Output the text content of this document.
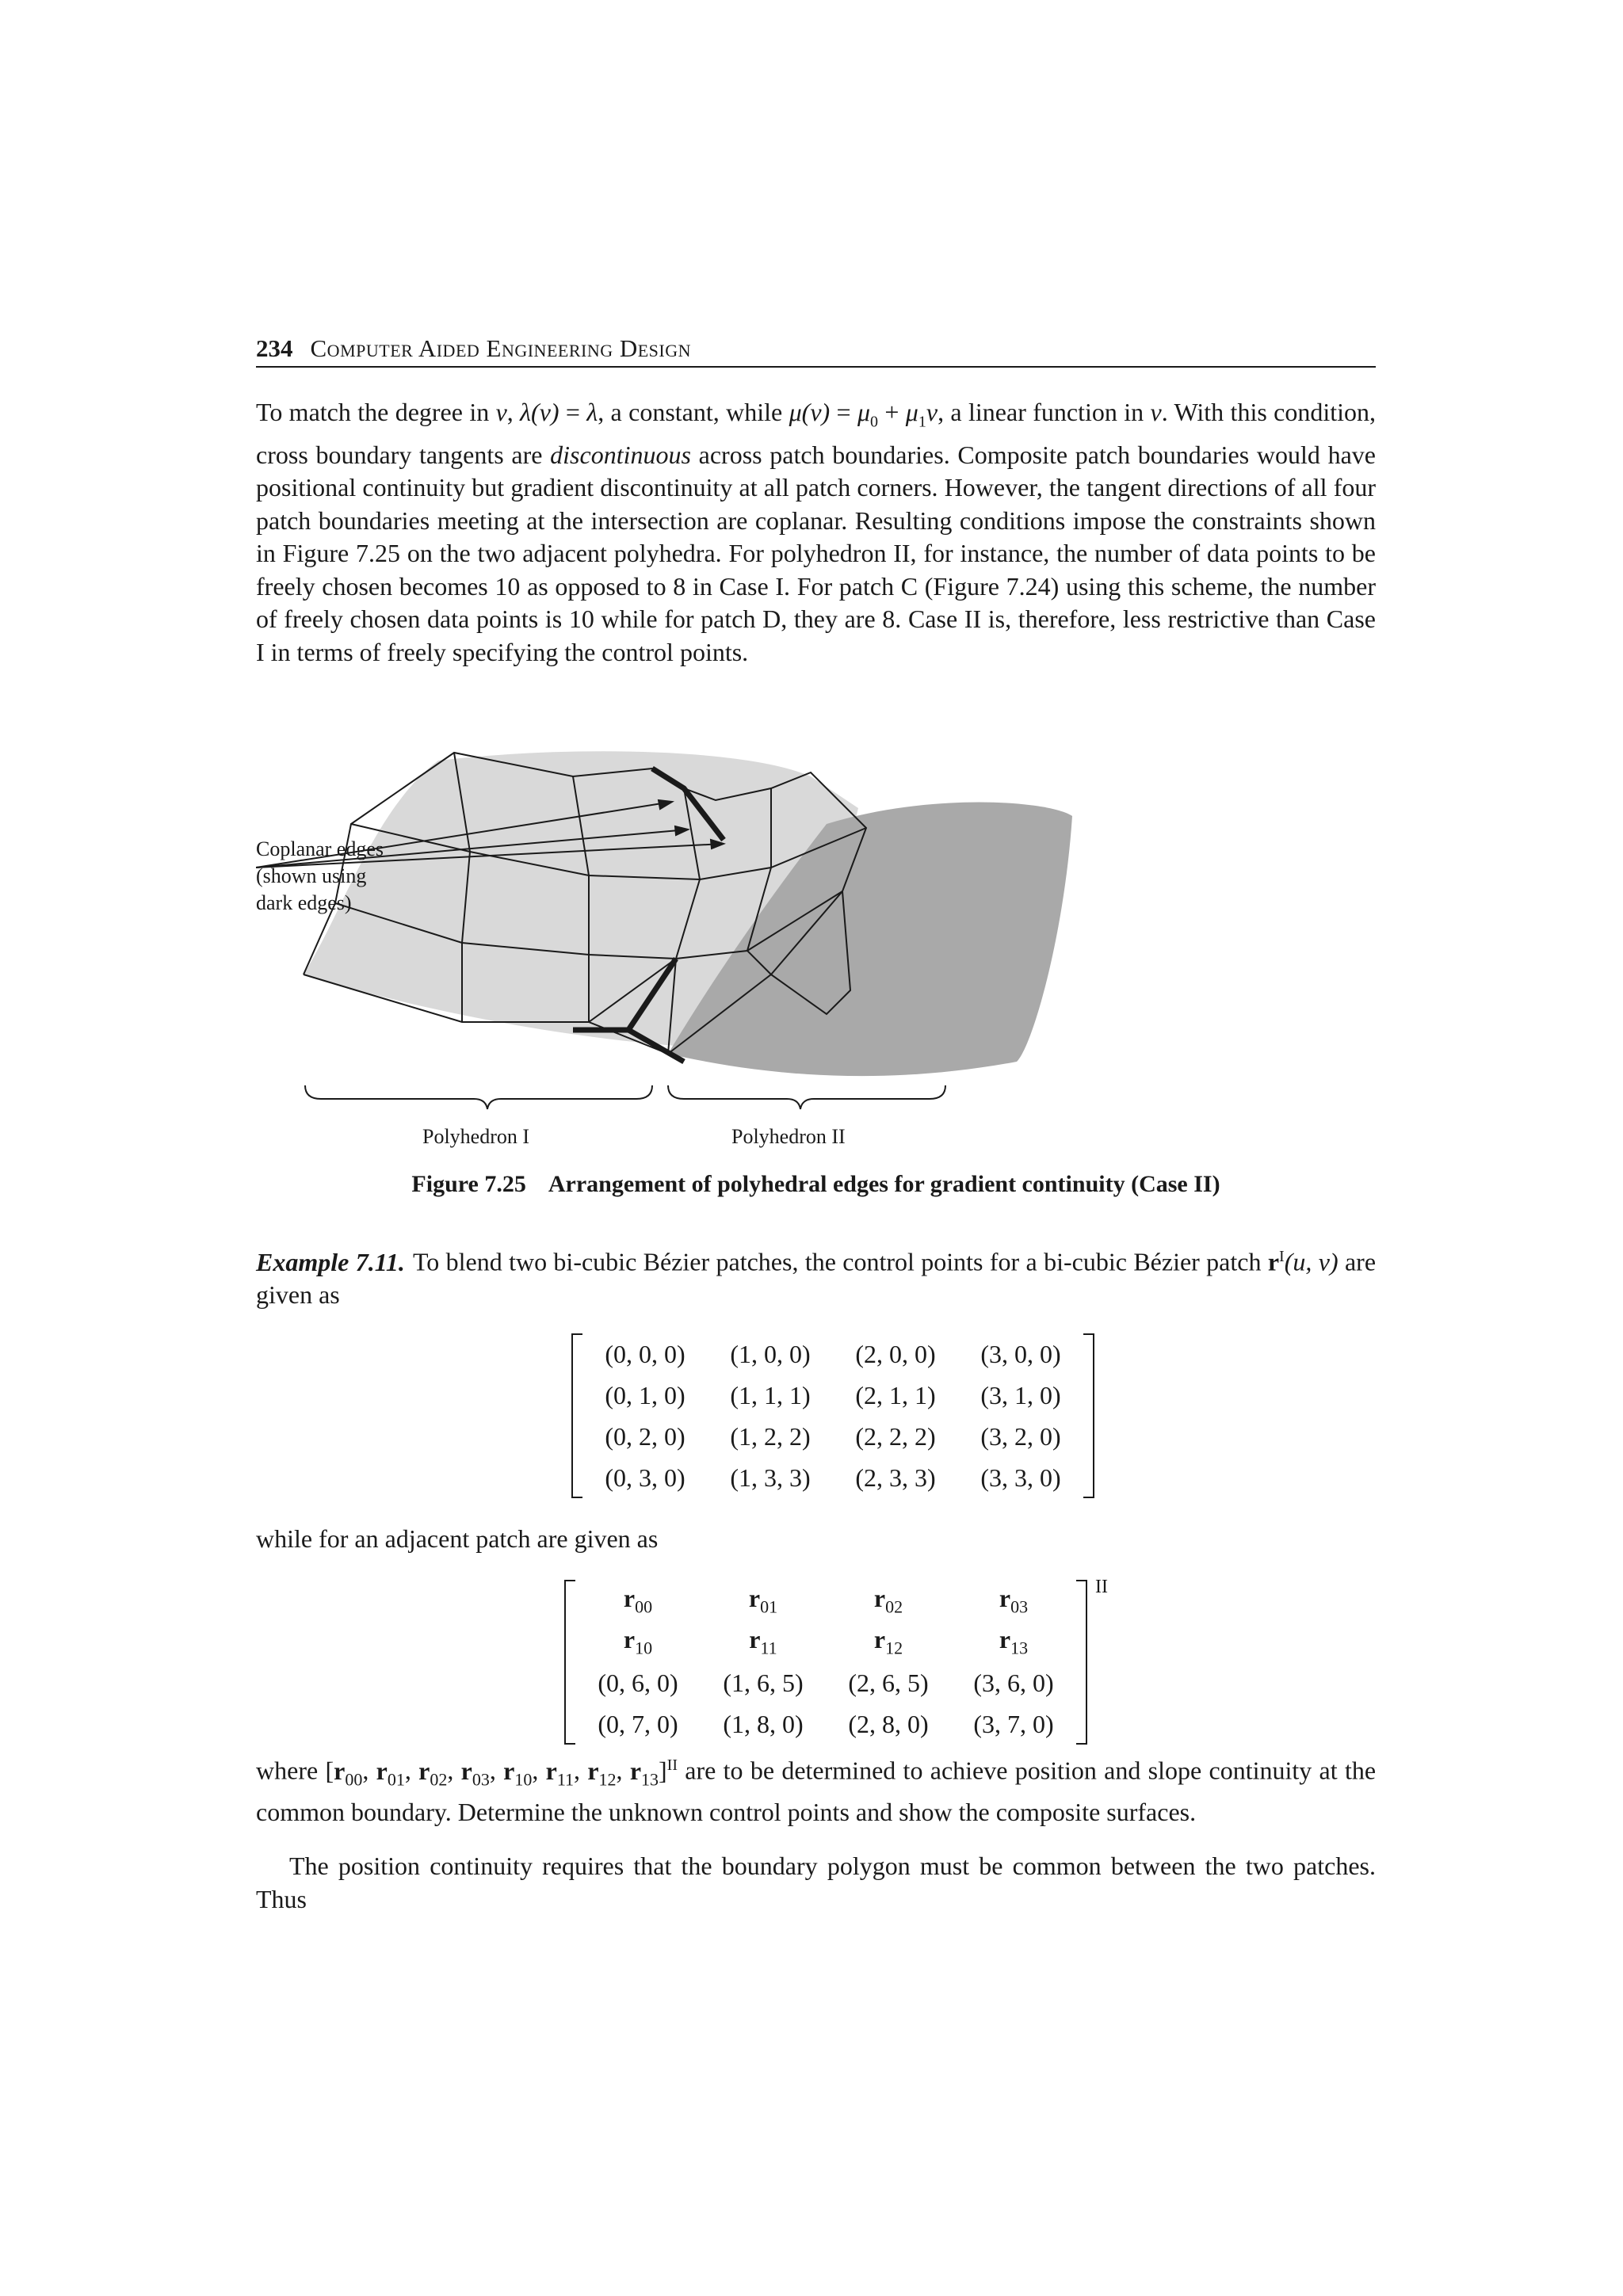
234 Computer Aided Engineering Design

To match the degree in v, λ(v) = λ, a constant, while $\mu(v) = \mu_0 + \mu_1v$, a linear function in v. With this condition, cross boundary tangents are discontinuous across patch boundaries. Composite patch boundaries would have positional continuity but gradient discontinuity at all patch corners. However, the tangent directions of all four patch boundaries meeting at the intersection are coplanar. Resulting conditions impose the constraints shown in Figure 7.25 on the two adjacent polyhedra. For polyhedron II, for instance, the number of data points to be freely chosen becomes 10 as opposed to 8 in Case I. For patch C (Figure 7.24) using this scheme, the number of freely chosen data points is 10 while for patch D, they are 8. Case II is, therefore, less restrictive than Case I in terms of freely specifying the control points.

Coplanar edges
(shown using
dark edges)
Polyhedron I	Polyhedron II
Figure 7.25 Arrangement of polyhedral edges for gradient continuity (Case II)

Example 7.11. To blend two bi-cubic Bézier patches, the control points for a bi-cubic Bézier patch $r^I(u$, v) are given as

(0, 0, 0)	(1, 0, 0)	(2, 0, 0)	(3, 0, 0)
(0, 1, 0)	(1, 1, 1)	(2, 1, 1)	(3, 1, 0)
(0, 2, 0)	(1, 2, 2)	(2, 2, 2)	(3, 2, 0)
(0, 3, 0)	(1, 3, 3)	(2, 3, 3)	(3, 3, 0)

while for an adjacent patch are given as

II
$r_{00}$	$r_{01}$	$r_{02}$	$r_{03}$
$r_{10}$	$r_{11}$	$r_{12}$	$r_{13}$
(0, 6, 0)	(1, 6, 5)	(2, 6, 5)	(3, 6, 0)
(0, 7, 0)	(1, 8, 0)	(2, 8, 0)	(3, 7, 0)

where [$r_{00}$, $r_{01}$, $r_{02}$, $r_{03}$, $r_{10}$, $r_{11}$, $r_{12}$, $r_{13}]^{II}$ are to be determined to achieve position and slope continuity at the common boundary. Determine the unknown control points and show the composite surfaces.

The position continuity requires that the boundary polygon must be common between the two patches. Thus
